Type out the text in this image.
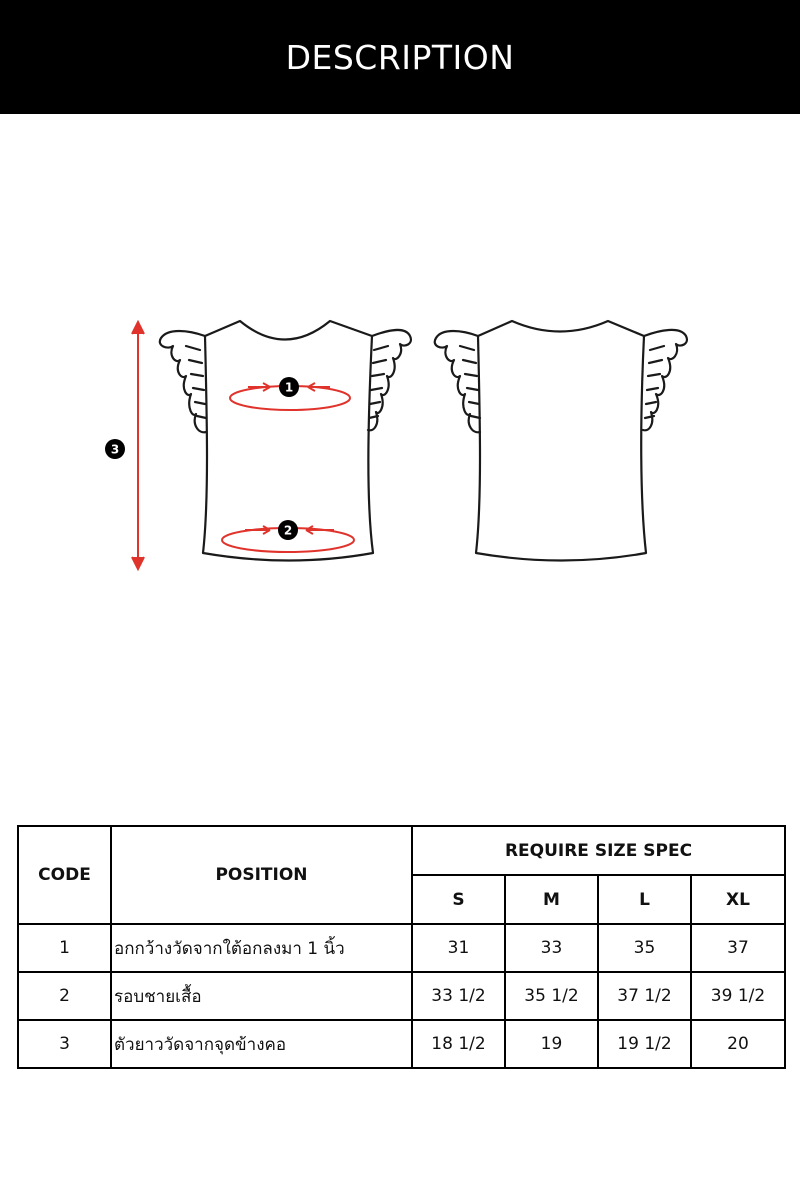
DESCRIPTION
1
2
3
CODE	POSITION	REQUIRE SIZE SPEC			
		S	M	L	XL
1	อกกว้างวัดจากใต้อกลงมา 1 นิ้ว	31	33	35	37
2	รอบชายเสื้อ	33 1/2	35 1/2	37 1/2	39 1/2
3	ตัวยาววัดจากจุดข้างคอ	18 1/2	19	19 1/2	20
